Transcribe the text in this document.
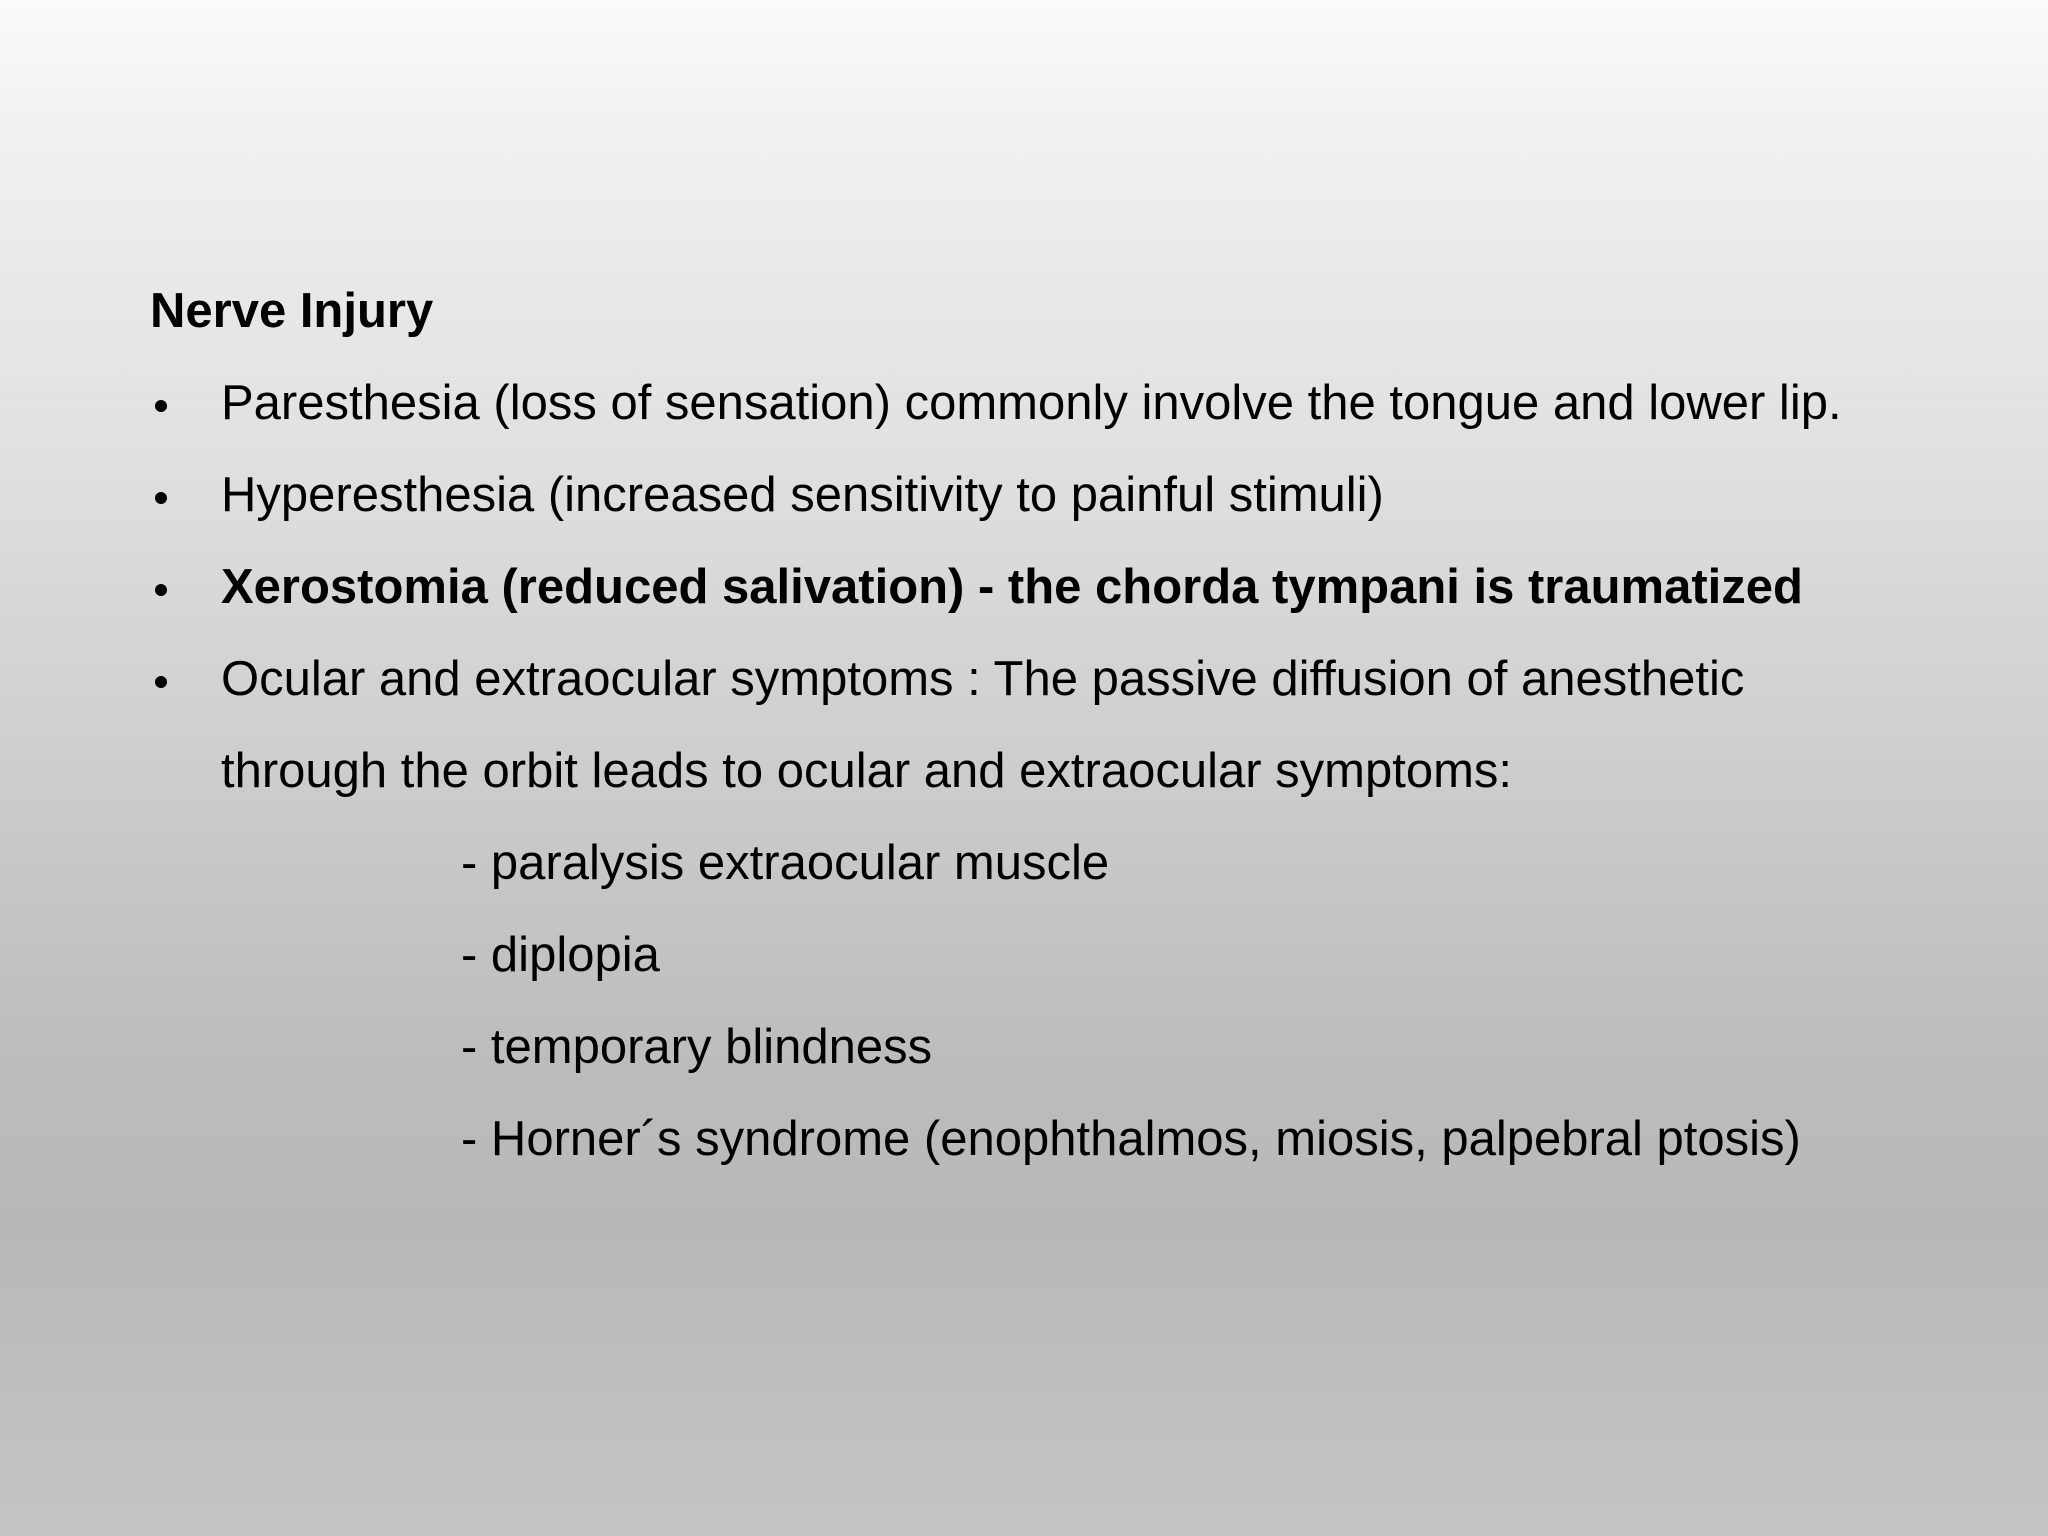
Nerve Injury
Paresthesia (loss of sensation) commonly involve the tongue and lower lip.
Hyperesthesia (increased sensitivity to painful stimuli)
Xerostomia (reduced salivation) - the chorda tympani is traumatized
Ocular and extraocular symptoms : The passive diffusion of anesthetic
through the orbit leads to ocular and extraocular symptoms:
- paralysis extraocular muscle
- diplopia
- temporary blindness
- Horner´s syndrome (enophthalmos, miosis, palpebral ptosis)
